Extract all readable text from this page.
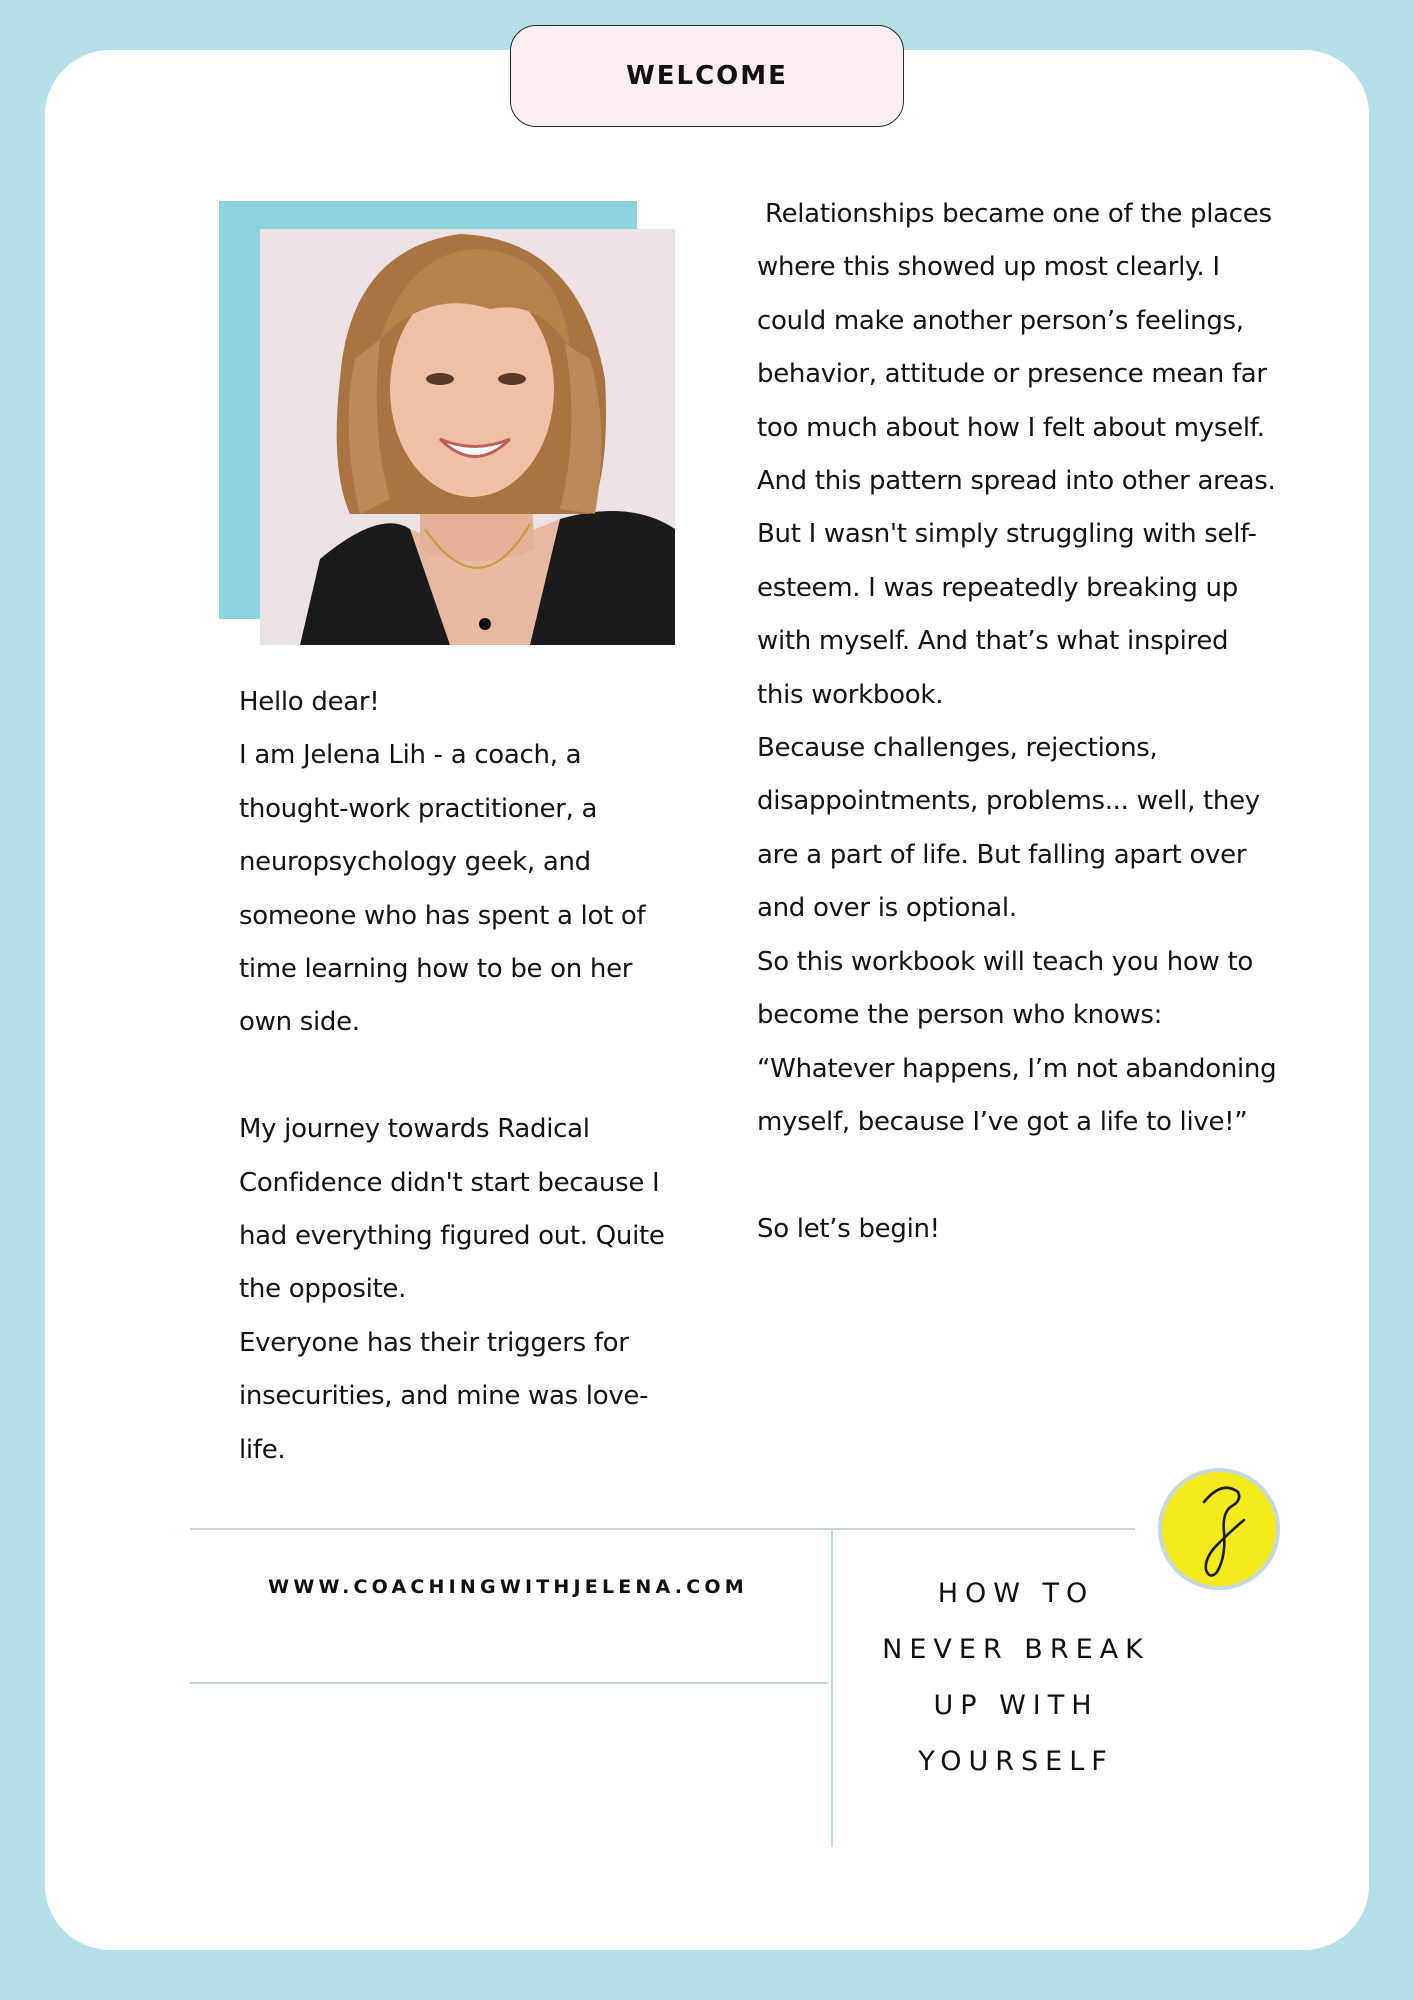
WELCOME

Hello dear!

I am Jelena Lih - a coach, a thought-work practitioner, a neuropsychology geek, and someone who has spent a lot of time learning how to be on her own side.

My journey towards Radical Confidence didn't start because I had everything figured out. Quite the opposite.

Everyone has their triggers for insecurities, and mine was love-life.

Relationships became one of the places where this showed up most clearly. I could make another person’s feelings, behavior, attitude or presence mean far too much about how I felt about myself. And this pattern spread into other areas.

But I wasn't simply struggling with self-esteem. I was repeatedly breaking up with myself. And that’s what inspired this workbook.

Because challenges, rejections, disappointments, problems... well, they are a part of life. But falling apart over and over is optional.

So this workbook will teach you how to become the person who knows: “Whatever happens, I’m not abandoning myself, because I’ve got a life to live!”

So let’s begin!

WWW.COACHINGWITHJELENA.COM	HOW TO
NEVER BREAK
UP WITH
YOURSELF
